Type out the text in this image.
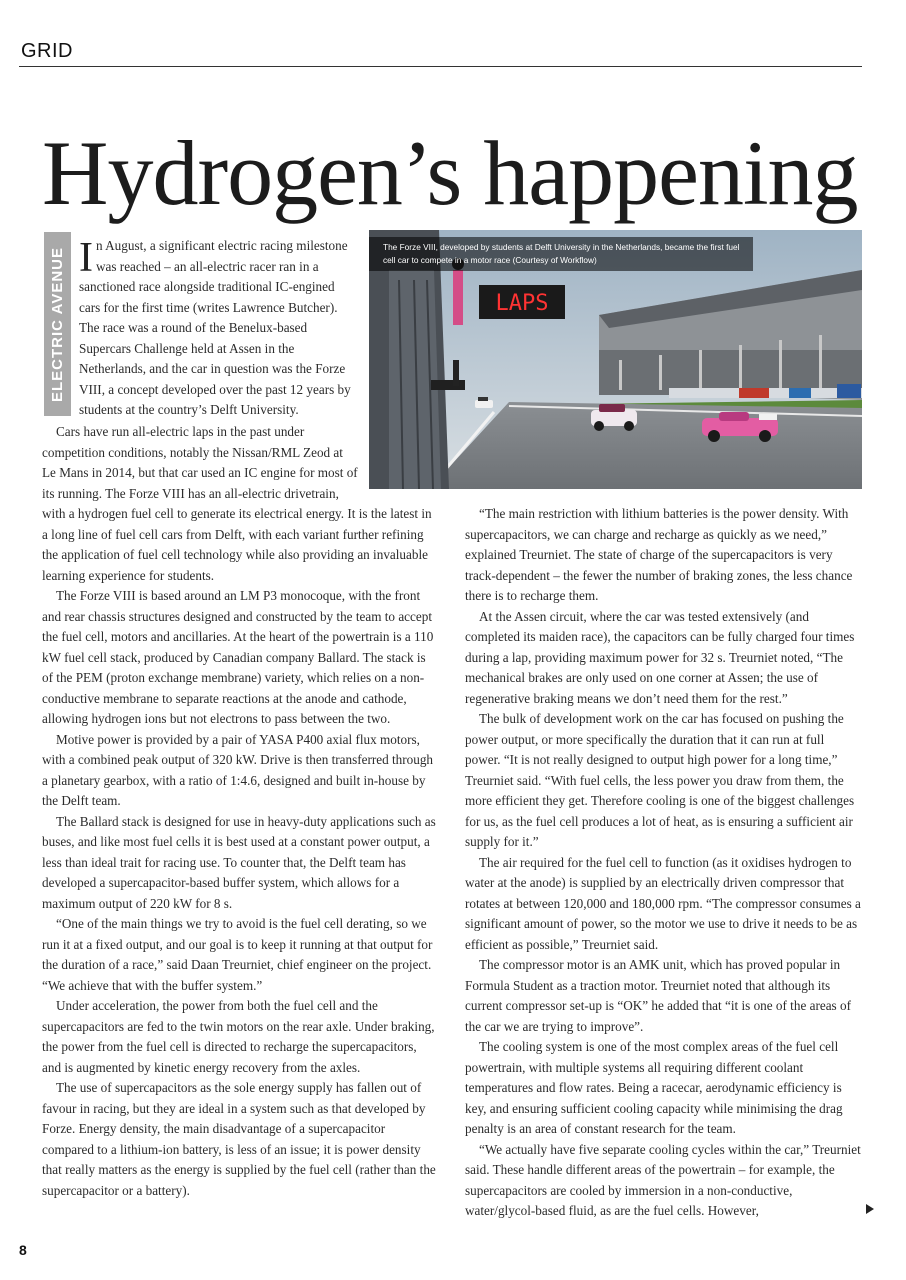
GRID
Hydrogen’s happening
ELECTRIC AVENUE In August, a significant electric racing milestone was reached – an all-electric racer ran in a sanctioned race alongside traditional IC-engined cars for the first time (writes Lawrence Butcher). The race was a round of the Benelux-based Supercars Challenge held at Assen in the Netherlands, and the car in question was the Forze VIII, a concept developed over the past 12 years by students at the country’s Delft University.

Cars have run all-electric laps in the past under competition conditions, notably the Nissan/RML Zeod at Le Mans in 2014, but that car used an IC engine for most of its running. The Forze VIII has an all-electric drivetrain,

with a hydrogen fuel cell to generate its electrical energy. It is the latest in a long line of fuel cell cars from Delft, with each variant further refining the application of fuel cell technology while also providing an invaluable learning experience for students.

The Forze VIII is based around an LM P3 monocoque, with the front and rear chassis structures designed and constructed by the team to accept the fuel cell, motors and ancillaries. At the heart of the powertrain is a 110 kW fuel cell stack, produced by Canadian company Ballard. The stack is of the PEM (proton exchange membrane) variety, which relies on a non-conductive membrane to separate reactions at the anode and cathode, allowing hydrogen ions but not electrons to pass between the two.

Motive power is provided by a pair of YASA P400 axial flux motors, with a combined peak output of 320 kW. Drive is then transferred through a planetary gearbox, with a ratio of 1:4.6, designed and built in-house by the Delft team.

The Ballard stack is designed for use in heavy-duty applications such as buses, and like most fuel cells it is best used at a constant power output, a less than ideal trait for racing use. To counter that, the Delft team has developed a supercapacitor-based buffer system, which allows for a maximum output of 220 kW for 8 s.

“One of the main things we try to avoid is the fuel cell derating, so we run it at a fixed output, and our goal is to keep it running at that output for the duration of a race,” said Daan Treurniet, chief engineer on the project. “We achieve that with the buffer system.”

Under acceleration, the power from both the fuel cell and the supercapacitors are fed to the twin motors on the rear axle. Under braking, the power from the fuel cell is directed to recharge the supercapacitors, and is augmented by kinetic energy recovery from the axles.

The use of supercapacitors as the sole energy supply has fallen out of favour in racing, but they are ideal in a system such as that developed by Forze. Energy density, the main disadvantage of a supercapacitor compared to a lithium-ion battery, is less of an issue; it is power density that really matters as the energy is supplied by the fuel cell (rather than the supercapacitor or a battery).

“The main restriction with lithium batteries is the power density. With supercapacitors, we can charge and recharge as quickly as we need,” explained Treurniet. The state of charge of the supercapacitors is very track-dependent – the fewer the number of braking zones, the less chance there is to recharge them.

At the Assen circuit, where the car was tested extensively (and completed its maiden race), the capacitors can be fully charged four times during a lap, providing maximum power for 32 s. Treurniet noted, “The mechanical brakes are only used on one corner at Assen; the use of regenerative braking means we don’t need them for the rest.”

The bulk of development work on the car has focused on pushing the power output, or more specifically the duration that it can run at full power. “It is not really designed to output high power for a long time,” Treurniet said. “With fuel cells, the less power you draw from them, the more efficient they get. Therefore cooling is one of the biggest challenges for us, as the fuel cell produces a lot of heat, as is ensuring a sufficient air supply for it.”

The air required for the fuel cell to function (as it oxidises hydrogen to water at the anode) is supplied by an electrically driven compressor that rotates at between 120,000 and 180,000 rpm. “The compressor consumes a significant amount of power, so the motor we use to drive it needs to be as efficient as possible,” Treurniet said.

The compressor motor is an AMK unit, which has proved popular in Formula Student as a traction motor. Treurniet noted that although its current compressor set-up is “OK” he added that “it is one of the areas of the car we are trying to improve”.

The cooling system is one of the most complex areas of the fuel cell powertrain, with multiple systems all requiring different coolant temperatures and flow rates. Being a racecar, aerodynamic efficiency is key, and ensuring sufficient cooling capacity while minimising the drag penalty is an area of constant research for the team.

“We actually have five separate cooling cycles within the car,” Treurniet said. These handle different areas of the powertrain – for example, the supercapacitors are cooled by immersion in a non-conductive, water/glycol-based fluid, as are the fuel cells. However,

LAPS
The Forze VIII, developed by students at Delft University in the Netherlands, became the first fuel cell car to compete in a motor race (Courtesy of Workflow)
8
